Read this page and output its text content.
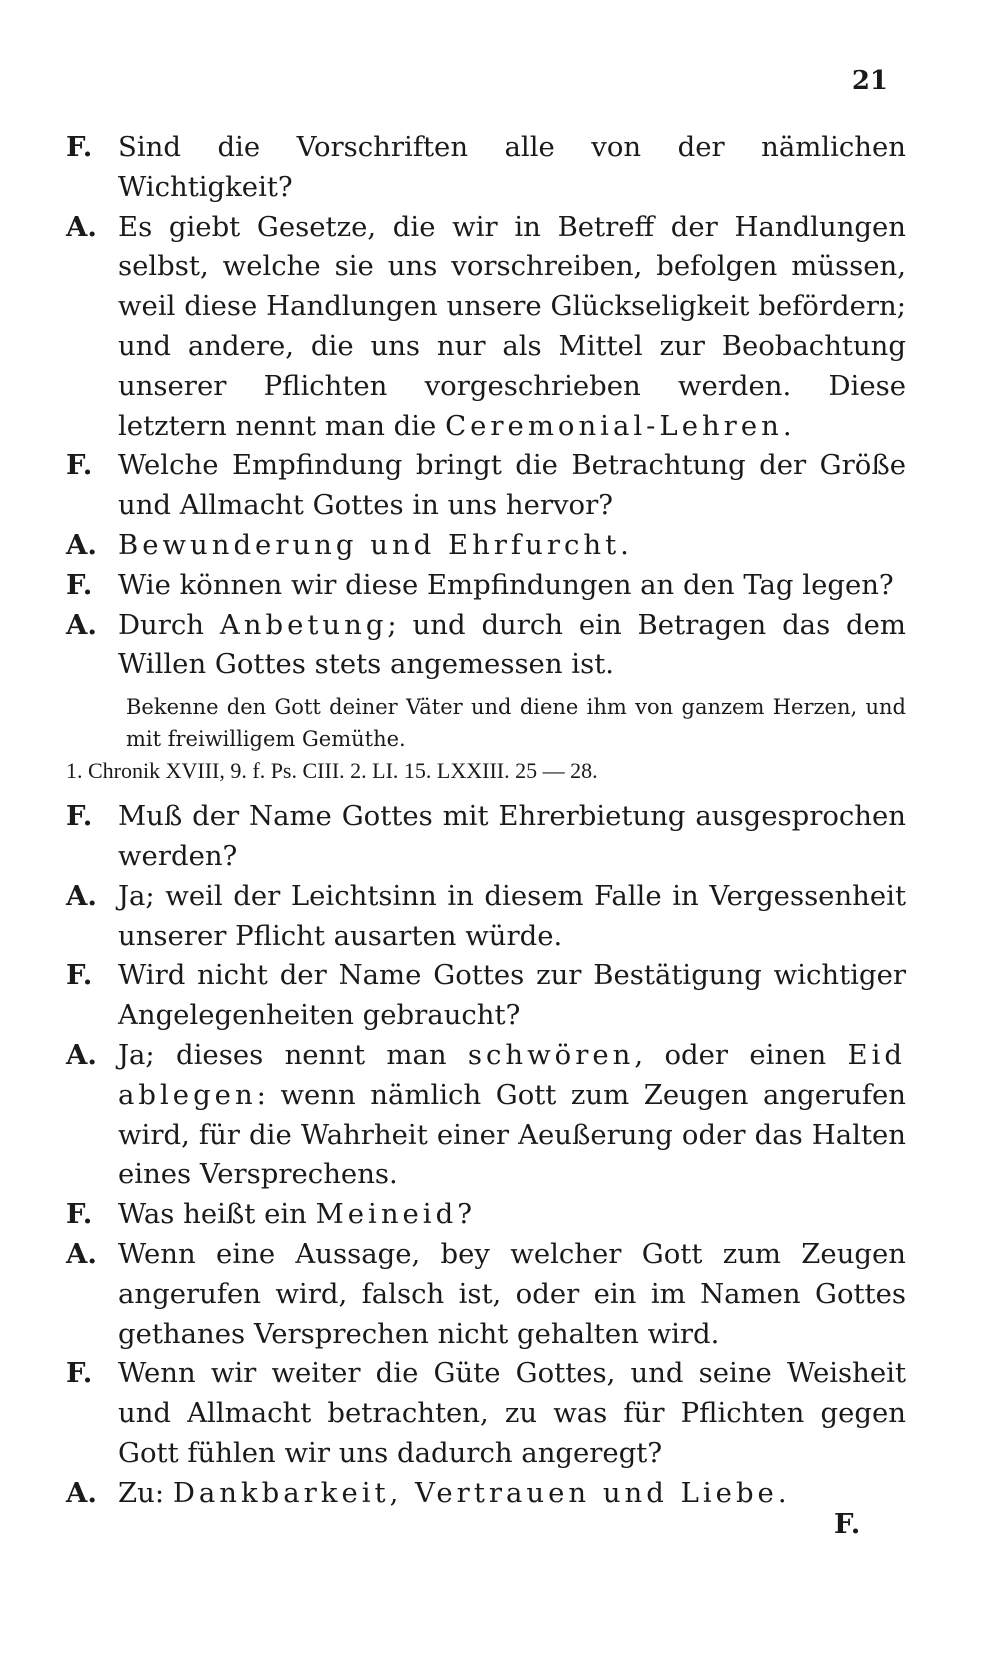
21

F. Sind die Vorschriften alle von der nämlichen Wichtigkeit?

A. Es giebt Gesetze, die wir in Betreff der Handlungen selbst, welche sie uns vorschreiben, befolgen müssen, weil diese Handlungen unsere Glückseligkeit befördern; und andere, die uns nur als Mittel zur Beobachtung unserer Pflichten vorgeschrieben werden. Diese letztern nennt man die Ceremonial-Lehren.

F. Welche Empfindung bringt die Betrachtung der Größe und Allmacht Gottes in uns hervor?

A. Bewunderung und Ehrfurcht.

F. Wie können wir diese Empfindungen an den Tag legen?

A. Durch Anbetung; und durch ein Betragen das dem Willen Gottes stets angemessen ist.

Bekenne den Gott deiner Väter und diene ihm von ganzem Herzen, und mit freiwilligem Gemüthe.
1. Chronik XVIII, 9. f. Ps. CIII. 2. LI. 15. LXXIII. 25 — 28.

F. Muß der Name Gottes mit Ehrerbietung ausgesprochen werden?

A. Ja; weil der Leichtsinn in diesem Falle in Vergessenheit unserer Pflicht ausarten würde.

F. Wird nicht der Name Gottes zur Bestätigung wichtiger Angelegenheiten gebraucht?

A. Ja; dieses nennt man schwören, oder einen Eid ablegen: wenn nämlich Gott zum Zeugen angerufen wird, für die Wahrheit einer Aeußerung oder das Halten eines Versprechens.

F. Was heißt ein Meineid?

A. Wenn eine Aussage, bey welcher Gott zum Zeugen angerufen wird, falsch ist, oder ein im Namen Gottes gethanes Versprechen nicht gehalten wird.

F. Wenn wir weiter die Güte Gottes, und seine Weisheit und Allmacht betrachten, zu was für Pflichten gegen Gott fühlen wir uns dadurch angeregt?

A. Zu: Dankbarkeit, Vertrauen und Liebe.

F.
